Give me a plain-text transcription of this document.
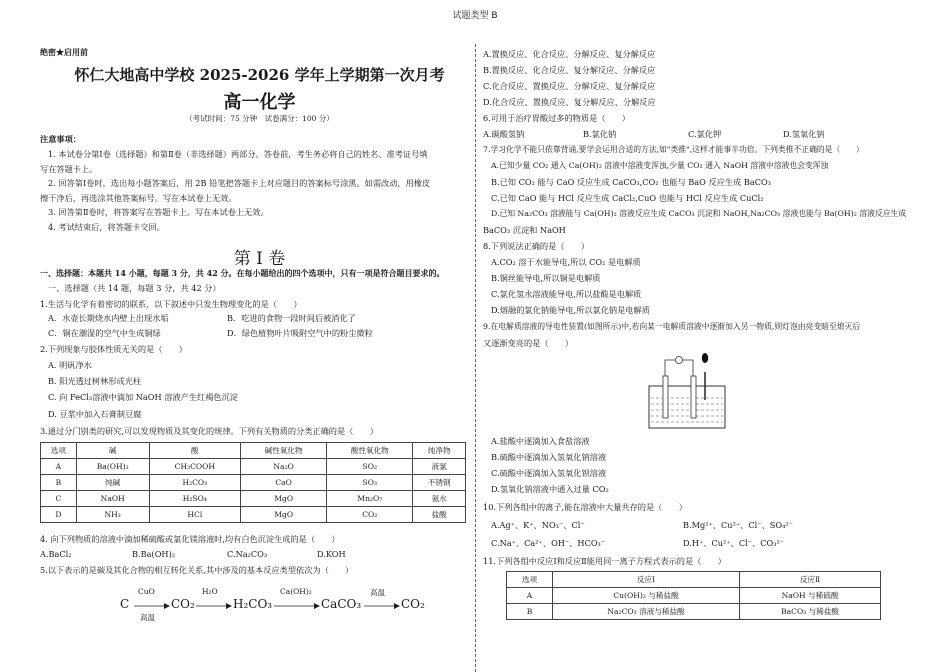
试题类型 B
绝密★启用前
怀仁大地高中学校 2025-2026 学年上学期第一次月考
高一化学
（考试时间：75 分钟　试卷满分：100 分）
注意事项：
1. 本试卷分第Ⅰ卷（选择题）和第Ⅱ卷（非选择题）两部分。答卷前，考生务必将自己的姓名、准考证号填
写在答题卡上。
2. 回答第Ⅰ卷时，选出每小题答案后，用 2B 铅笔把答题卡上对应题目的答案标号涂黑。如需改动，用橡皮
擦干净后，再选涂其他答案标号。写在本试卷上无效。
3. 回答第Ⅱ卷时，将答案写在答题卡上。写在本试卷上无效。
4. 考试结束后，将答题卡交回。
第 Ⅰ 卷
一、选择题：本题共 14 小题，每题 3 分，共 42 分。在每小题给出的四个选项中，只有一项是符合题目要求的。
一、选择题（共 14 题，每题 3 分，共 42 分）
1.生活与化学有着密切的联系，以下叙述中只发生物理变化的是（　　）
A．水壶长期烧水内壁上出现水垢	B．吃进的食物一段时间后被消化了
C．铜在潮湿的空气中生成铜绿	D．绿色植物叶片吸附空气中的粉尘微粒
2.下列现象与胶体性质无关的是（　　）
A. 明矾净水
B. 阳光透过树林形成光柱
C. 向 FeCl₃溶液中滴加 NaOH 溶液产生红褐色沉淀
D. 豆浆中加入石膏制豆腐
3.通过分门别类的研究,可以发现物质及其变化的规律。下列有关物质的分类正确的是（　　）
选项	碱	酸	碱性氧化物	酸性氧化物	纯净物
A	Ba(OH)₂	CH₃COOH	Na₂O	SO₂	液氯
B	纯碱	H₂CO₃	CaO	SO₃	不锈钢
C	NaOH	H₂SO₄	MgO	Mn₂O₇	氨水
D	NH₃	HCl	MgO	CO₂	盐酸
4. 向下列物质的溶液中滴加稀硫酸或氯化镁溶液时,均有白色沉淀生成的是（　　）
A.BaCl₂	B.Ba(OH)₂	C.Na₂CO₃	D.KOH
5.以下表示的是碳及其化合物的相互转化关系,其中涉及的基本反应类型依次为（　　）
C	CO₂	H₂CO₃	CaCO₃	CO₂
CuO	H₂O	Ca(OH)₂	高温
高温
A.置换反应、化合反应、分解反应、复分解反应
B.置换反应、化合反应、复分解反应、分解反应
C.化合反应、置换反应、分解反应、复分解反应
D.化合反应、置换反应、复分解反应、分解反应
6.可用于治疗胃酸过多的物质是（　　）
A.碳酸氢钠	B.氯化钠	C.氯化钾	D.氢氧化钠
7.学习化学不能只依靠背诵,要学会运用合适的方法,如"类推",这样才能事半功倍。下列类推不正确的是（　　）
A.已知少量 CO₂ 通入 Ca(OH)₂ 溶液中溶液变浑浊,少量 CO₂ 通入 NaOH 溶液中溶液也会变浑浊
B.已知 CO₂ 能与 CaO 反应生成 CaCO₃,CO₂ 也能与 BaO 反应生成 BaCO₃
C.已知 CaO 能与 HCl 反应生成 CaCl₂,CuO 也能与 HCl 反应生成 CuCl₂
D.已知 Na₂CO₃ 溶液能与 Ca(OH)₂ 溶液反应生成 CaCO₃ 沉淀和 NaOH,Na₂CO₃ 溶液也能与 Ba(OH)₂ 溶液反应生成
BaCO₃ 沉淀和 NaOH
8.下列说法正确的是（　　）
A.CO₂ 溶于水能导电,所以 CO₂ 是电解质
B.铜丝能导电,所以铜是电解质
C.氯化氢水溶液能导电,所以盐酸是电解质
D.熔融的氯化钠能导电,所以氯化钠是电解质
9.在电解质溶液的导电性装置(如图所示)中,若向某一电解质溶液中逐渐加入另一物质,则灯泡由亮变暗至熄灭后
又逐渐变亮的是（　　）
A.盐酸中逐滴加入食盐溶液
B.硫酸中逐滴加入氢氧化钠溶液
C.硫酸中逐滴加入氢氧化钡溶液
D.氢氧化钠溶液中通入过量 CO₂
10.下列各组中的离子,能在溶液中大量共存的是（　　）
A.Ag⁺、K⁺、NO₃⁻、Cl⁻	B.Mg²⁺、Cu²⁺、Cl⁻、SO₄²⁻
C.Na⁺、Ca²⁺、OH⁻、HCO₃⁻	D.H⁺、Cu²⁺、Cl⁻、CO₃²⁻
11.下列各组中反应Ⅰ和反应Ⅱ能用同一离子方程式表示的是（　　）
选项	反应Ⅰ	反应Ⅱ
A	Cu(OH)₂ 与稀盐酸	NaOH 与稀硫酸
B	Na₂CO₃ 溶液与稀盐酸	BaCO₃ 与稀盐酸
